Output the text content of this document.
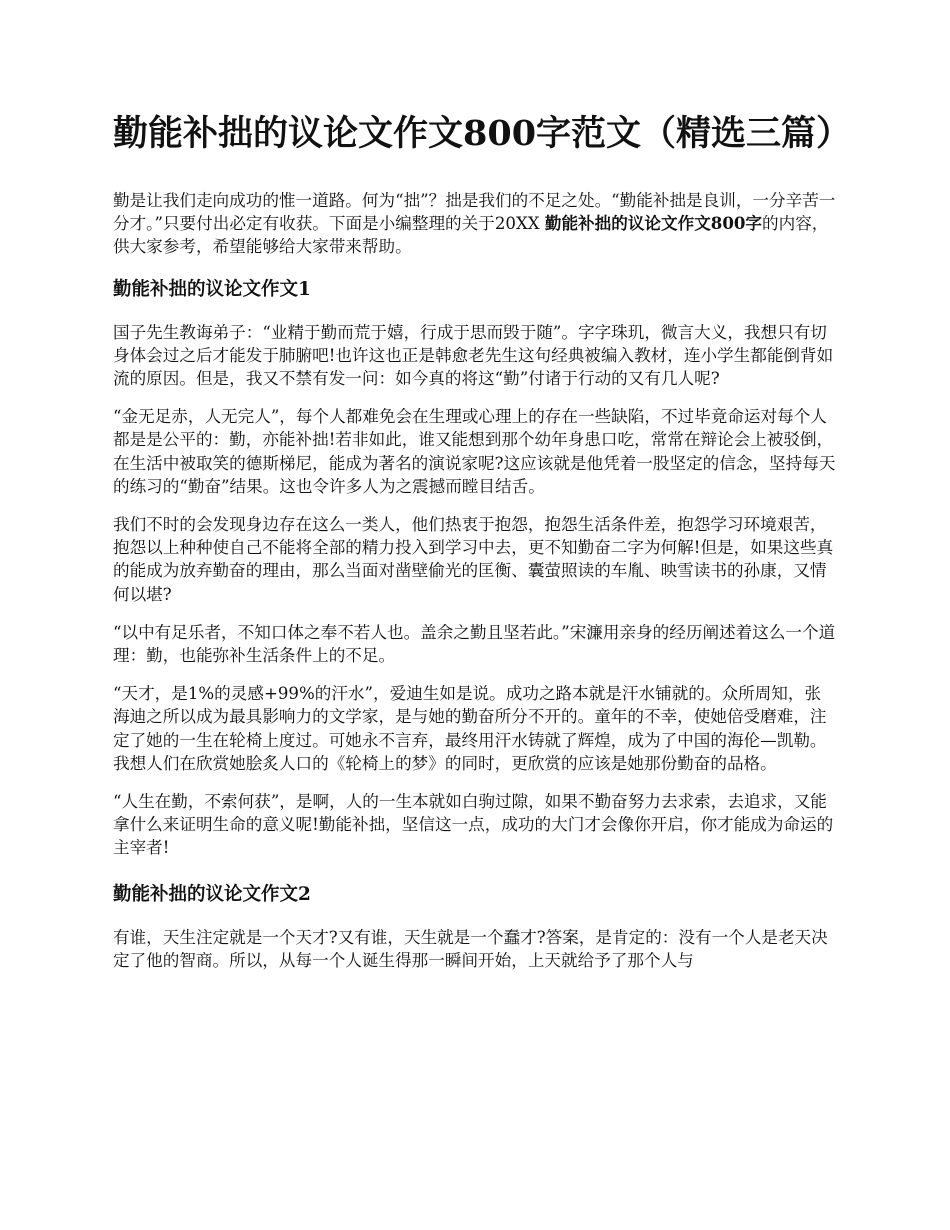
勤能补拙的议论文作文800字范文（精选三篇）

勤是让我们走向成功的惟一道路。何为“拙”？拙是我们的不足之处。“勤能补拙是良训，一分辛苦一分才。”只要付出必定有收获。下面是小编整理的关于20XX 勤能补拙的议论文作文800字的内容，供大家参考，希望能够给大家带来帮助。

勤能补拙的议论文作文1

国子先生教诲弟子：“业精于勤而荒于嬉，行成于思而毁于随”。字字珠玑，微言大义，我想只有切身体会过之后才能发于肺腑吧!也许这也正是韩愈老先生这句经典被编入教材，连小学生都能倒背如流的原因。但是，我又不禁有发一问：如今真的将这“勤”付诸于行动的又有几人呢?

“金无足赤，人无完人”，每个人都难免会在生理或心理上的存在一些缺陷，不过毕竟命运对每个人都是是公平的：勤，亦能补拙!若非如此，谁又能想到那个幼年身患口吃，常常在辩论会上被驳倒，在生活中被取笑的德斯梯尼，能成为著名的演说家呢?这应该就是他凭着一股坚定的信念，坚持每天的练习的“勤奋”结果。这也令许多人为之震撼而瞠目结舌。

我们不时的会发现身边存在这么一类人，他们热衷于抱怨，抱怨生活条件差，抱怨学习环境艰苦，抱怨以上种种使自己不能将全部的精力投入到学习中去，更不知勤奋二字为何解!但是，如果这些真的能成为放弃勤奋的理由，那么当面对凿壁偷光的匡衡、囊萤照读的车胤、映雪读书的孙康，又情何以堪?

“以中有足乐者，不知口体之奉不若人也。盖余之勤且坚若此。”宋濂用亲身的经历阐述着这么一个道理：勤，也能弥补生活条件上的不足。

“天才，是1%的灵感+99%的汗水”，爱迪生如是说。成功之路本就是汗水铺就的。众所周知，张海迪之所以成为最具影响力的文学家，是与她的勤奋所分不开的。童年的不幸，使她倍受磨难，注定了她的一生在轮椅上度过。可她永不言弃，最终用汗水铸就了辉煌，成为了中国的海伦—凯勒。我想人们在欣赏她脍炙人口的《轮椅上的梦》的同时，更欣赏的应该是她那份勤奋的品格。

“人生在勤，不索何获”，是啊，人的一生本就如白驹过隙，如果不勤奋努力去求索，去追求，又能拿什么来证明生命的意义呢!勤能补拙，坚信这一点，成功的大门才会像你开启，你才能成为命运的主宰者!

勤能补拙的议论文作文2

有谁，天生注定就是一个天才?又有谁，天生就是一个蠢才?答案，是肯定的：没有一个人是老天决定了他的智商。所以，从每一个人诞生得那一瞬间开始，上天就给予了那个人与
